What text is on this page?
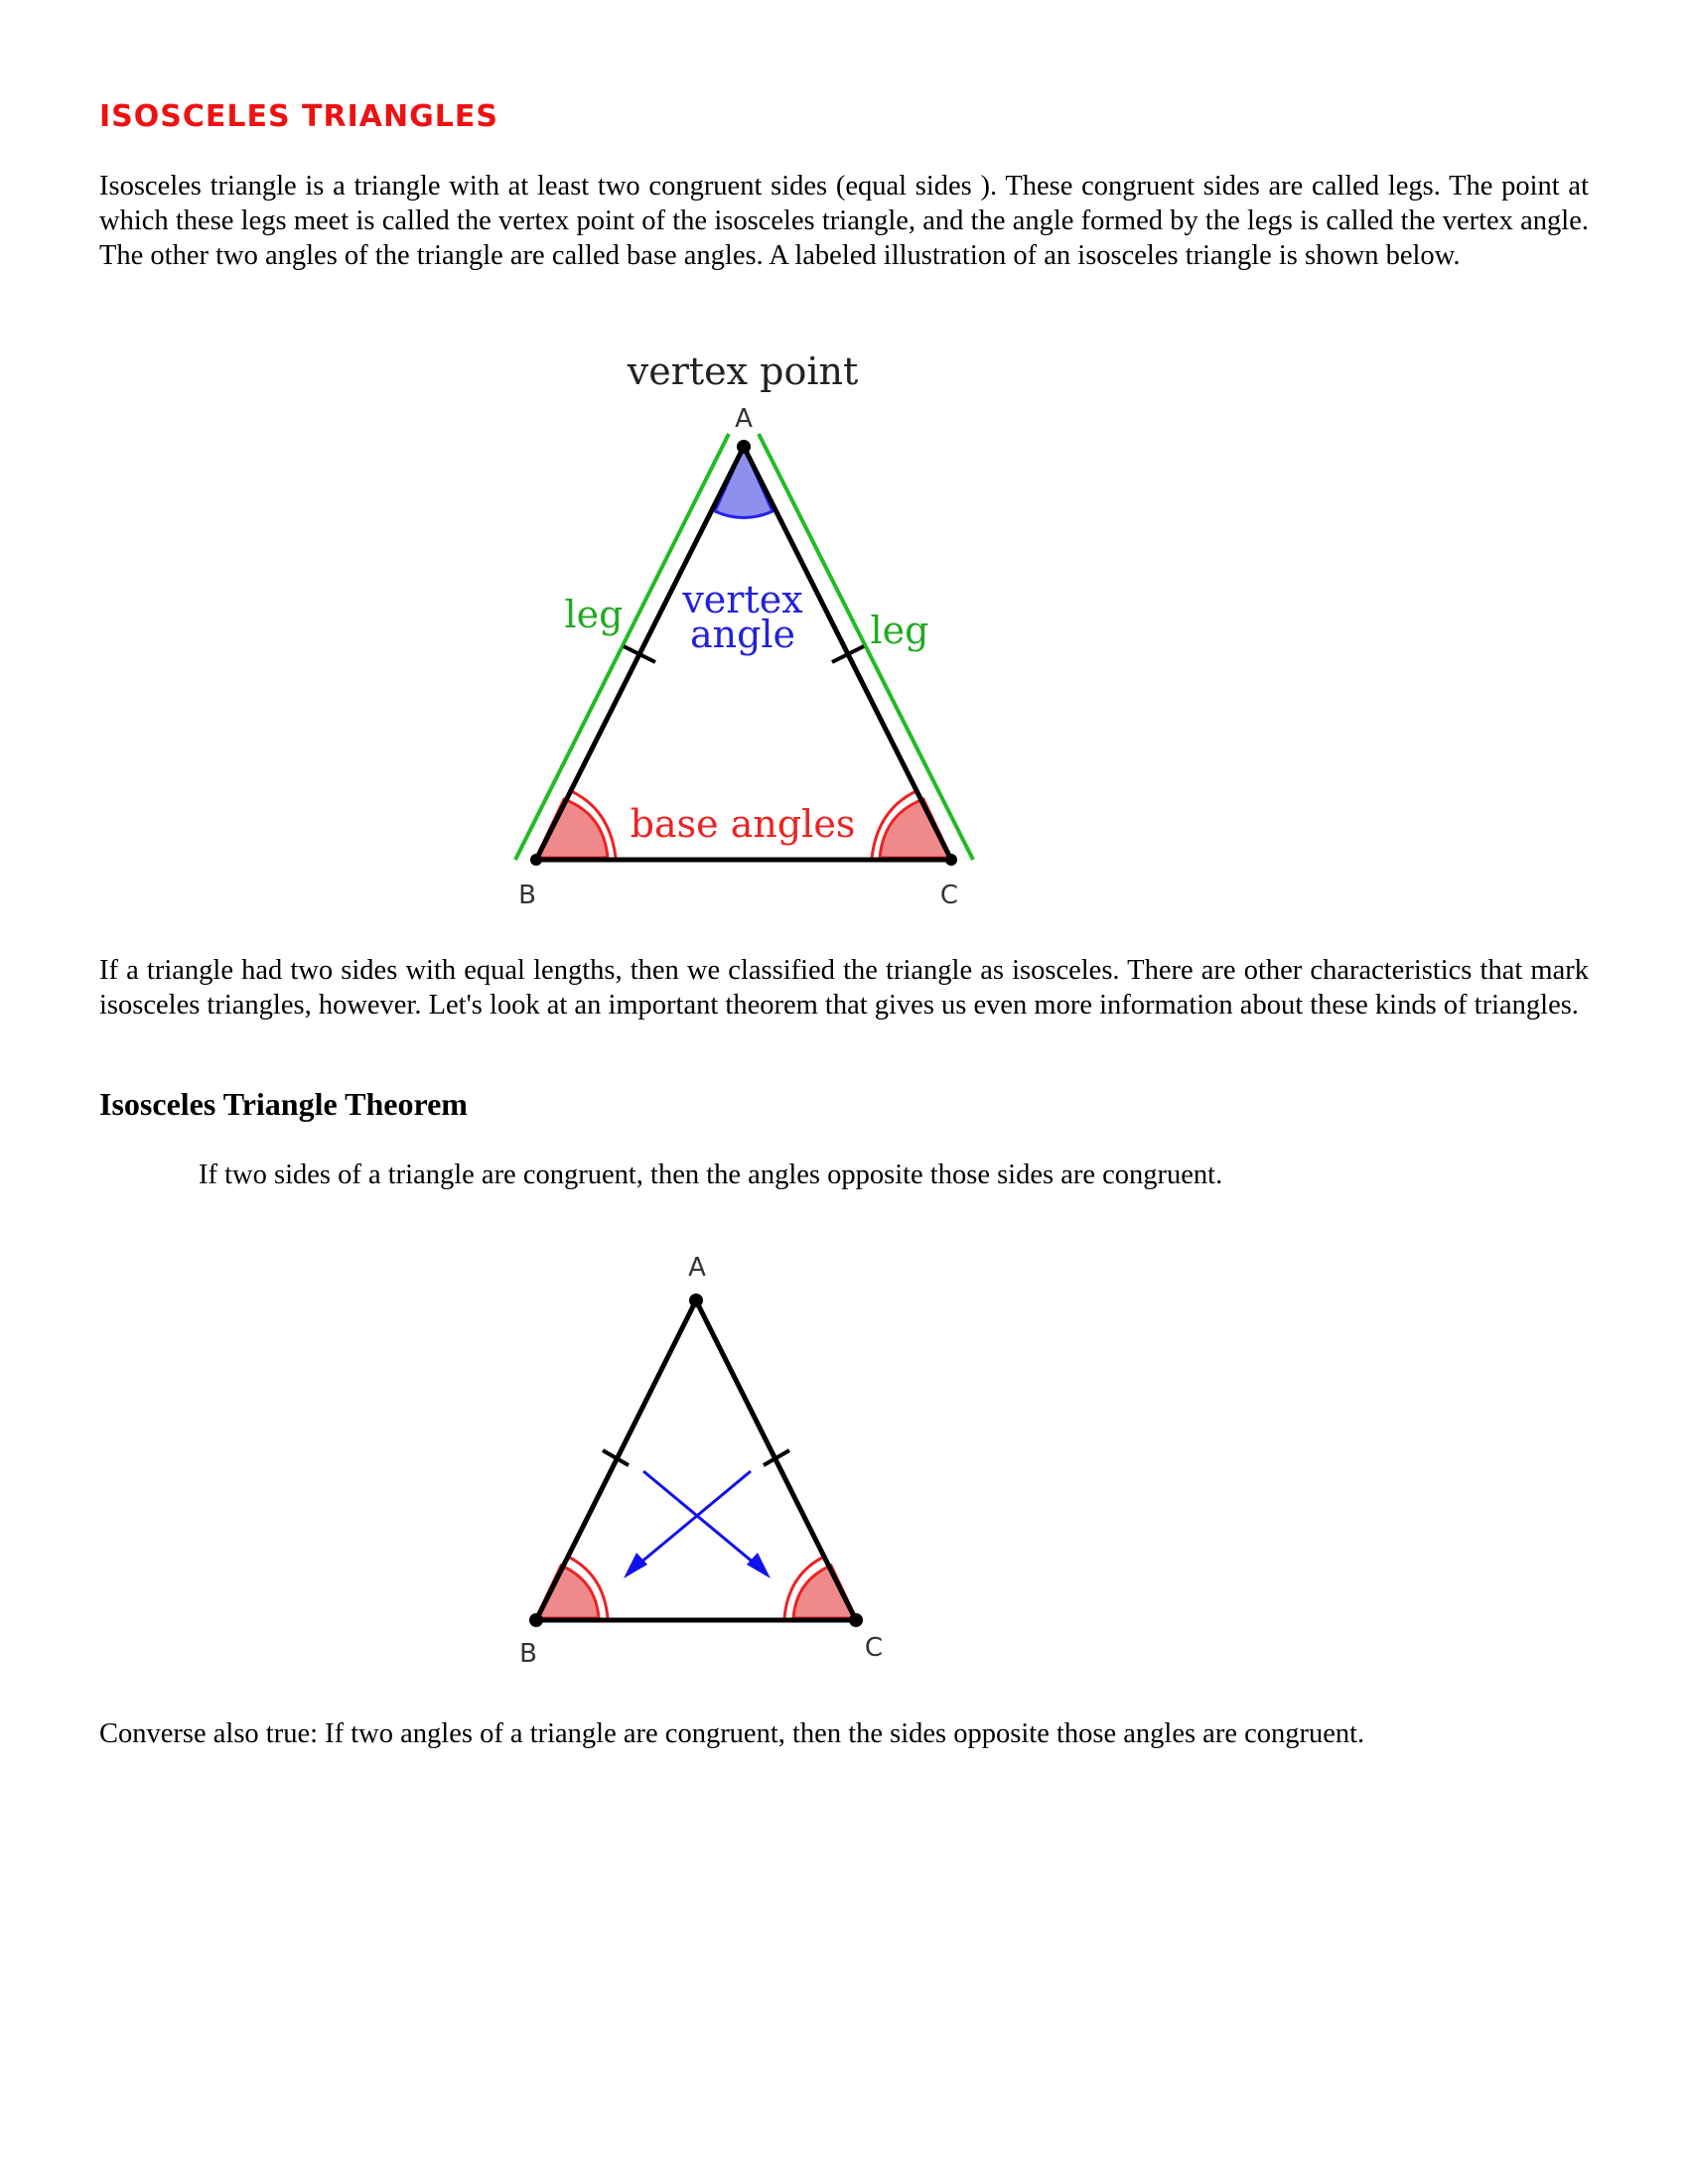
ISOSCELES TRIANGLES

Isosceles triangle is a triangle with at least two congruent sides (equal sides ). These congruent sides are called legs. The point at which these legs meet is called the vertex point of the isosceles triangle, and the angle formed by the legs is called the vertex angle. The other two angles of the triangle are called base angles. A labeled illustration of an isosceles triangle is shown below.

vertex point
A
B	C
leg	leg
vertex
angle
base angles

If a triangle had two sides with equal lengths, then we classified the triangle as isosceles. There are other characteristics that mark isosceles triangles, however. Let's look at an important theorem that gives us even more information about these kinds of triangles.

Isosceles Triangle Theorem

If two sides of a triangle are congruent, then the angles opposite those sides are congruent.

A
B	C

Converse also true: If two angles of a triangle are congruent, then the sides opposite those angles are congruent.
